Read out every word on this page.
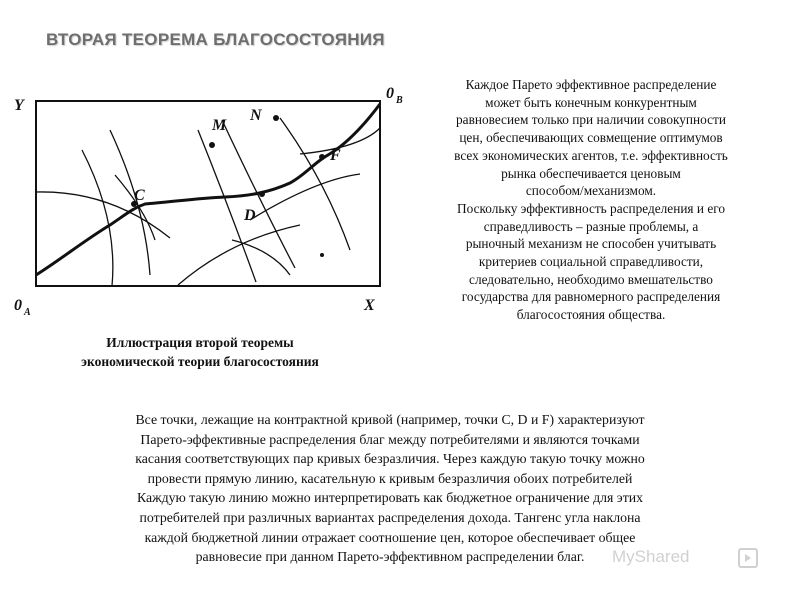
ВТОРАЯ ТЕОРЕМА БЛАГОСОСТОЯНИЯ
Y
X
0 A
0 B
M
N
C
D
F
Иллюстрация второй теоремы
экономической теории благосостояния

Каждое Парето эффективное распределение

может быть конечным конкурентным

равновесием только при наличии совокупности

цен, обеспечивающих совмещение оптимумов

всех экономических агентов, т.е. эффективность

рынка обеспечивается ценовым

способом/механизмом.

Поскольку эффективность распределения и его

справедливость – разные проблемы, а

рыночный механизм не способен учитывать

критериев социальной справедливости,

следовательно, необходимо вмешательство

государства для равномерного распределения

благосостояния общества.

Все точки, лежащие на контрактной кривой (например, точки C, D и F) характеризуют

Парето-эффективные распределения благ между потребителями и являются точками

касания соответствующих пар кривых безразличия. Через каждую такую точку можно

провести прямую линию, касательную к кривым безразличия обоих потребителей

Каждую такую линию можно интерпретировать как бюджетное ограничение для этих

потребителей при различных вариантах распределения дохода. Тангенс угла наклона

каждой бюджетной линии отражает соотношение цен, которое обеспечивает общее

равновесие при данном Парето-эффективном распределении благ.	MyShared
